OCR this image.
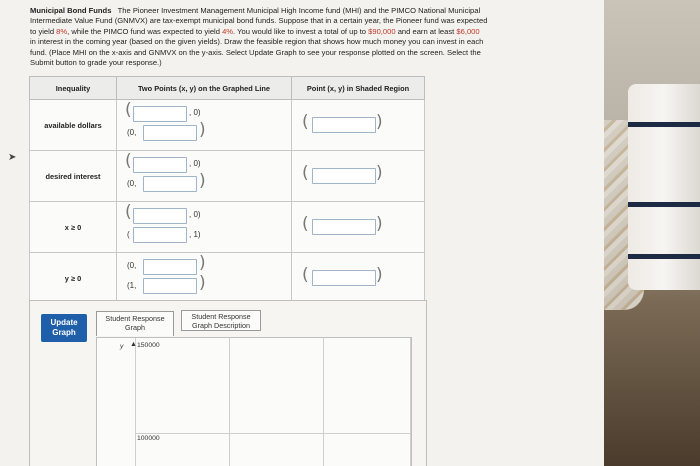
Municipal Bond Funds The Pioneer Investment Management Municipal High Income fund (MHI) and the PIMCO National Municipal
Intermediate Value Fund (GNMVX) are tax-exempt municipal bond funds. Suppose that in a certain year, the Pioneer fund was expected
to yield 8%, while the PIMCO fund was expected to yield 4%. You would like to invest a total of up to $90,000 and earn at least $6,000
in interest in the coming year (based on the given yields). Draw the feasible region that shows how much money you can invest in each
fund. (Place MHI on the x-axis and GNMVX on the y-axis. Select Update Graph to see your response plotted on the screen. Select the
Submit button to grade your response.)
Inequality	Two Points (x, y) on the Graphed Line	Point (x, y) in Shaded Region
available dollars	( , 0)
(0, )	( )

desired interest	( , 0)
(0, )	( )

x ≥ 0	( , 0)
( , 1)	( )

y ≥ 0	(0, )
(1, )	( )
Update Graph
Student Response Graph
Student Response Graph Description
y ▲ 150000
100000
➤
